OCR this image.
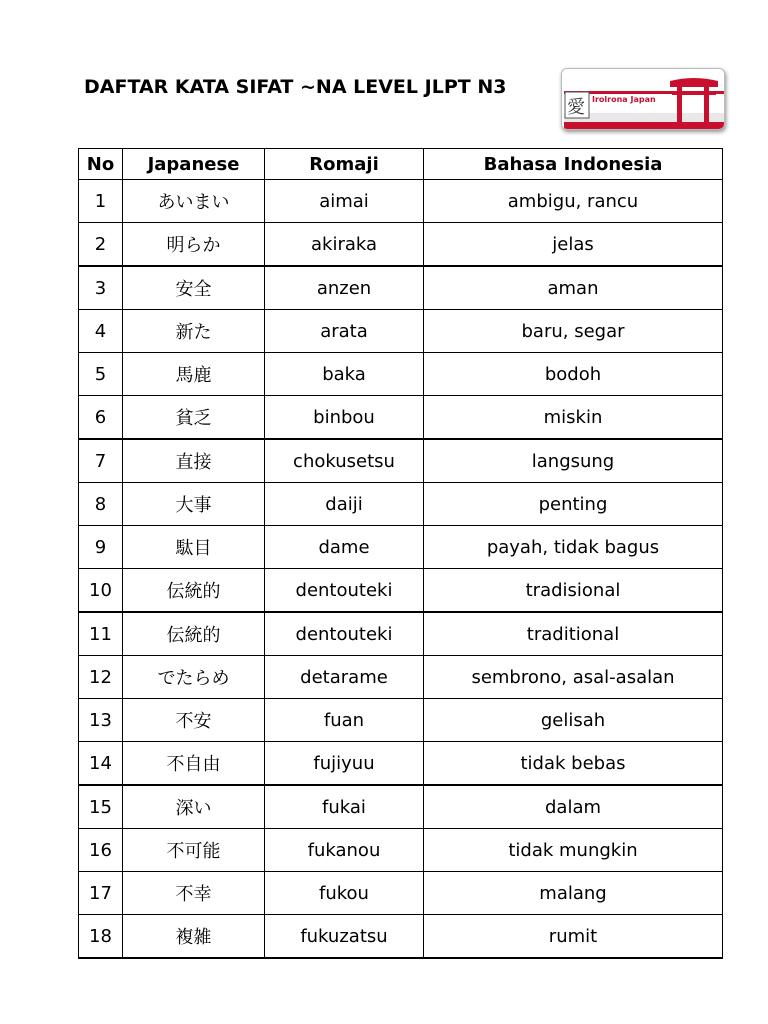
DAFTAR KATA SIFAT ~NA LEVEL JLPT N3
愛 Irolrona Japan
No	Japanese	Romaji	Bahasa Indonesia
1	あいまい	aimai	ambigu, rancu
2	明らか	akiraka	jelas
3	安全	anzen	aman
4	新た	arata	baru, segar
5	馬鹿	baka	bodoh
6	貧乏	binbou	miskin
7	直接	chokusetsu	langsung
8	大事	daiji	penting
9	駄目	dame	payah, tidak bagus
10	伝統的	dentouteki	tradisional
11	伝統的	dentouteki	traditional
12	でたらめ	detarame	sembrono, asal-asalan
13	不安	fuan	gelisah
14	不自由	fujiyuu	tidak bebas
15	深い	fukai	dalam
16	不可能	fukanou	tidak mungkin
17	不幸	fukou	malang
18	複雑	fukuzatsu	rumit
